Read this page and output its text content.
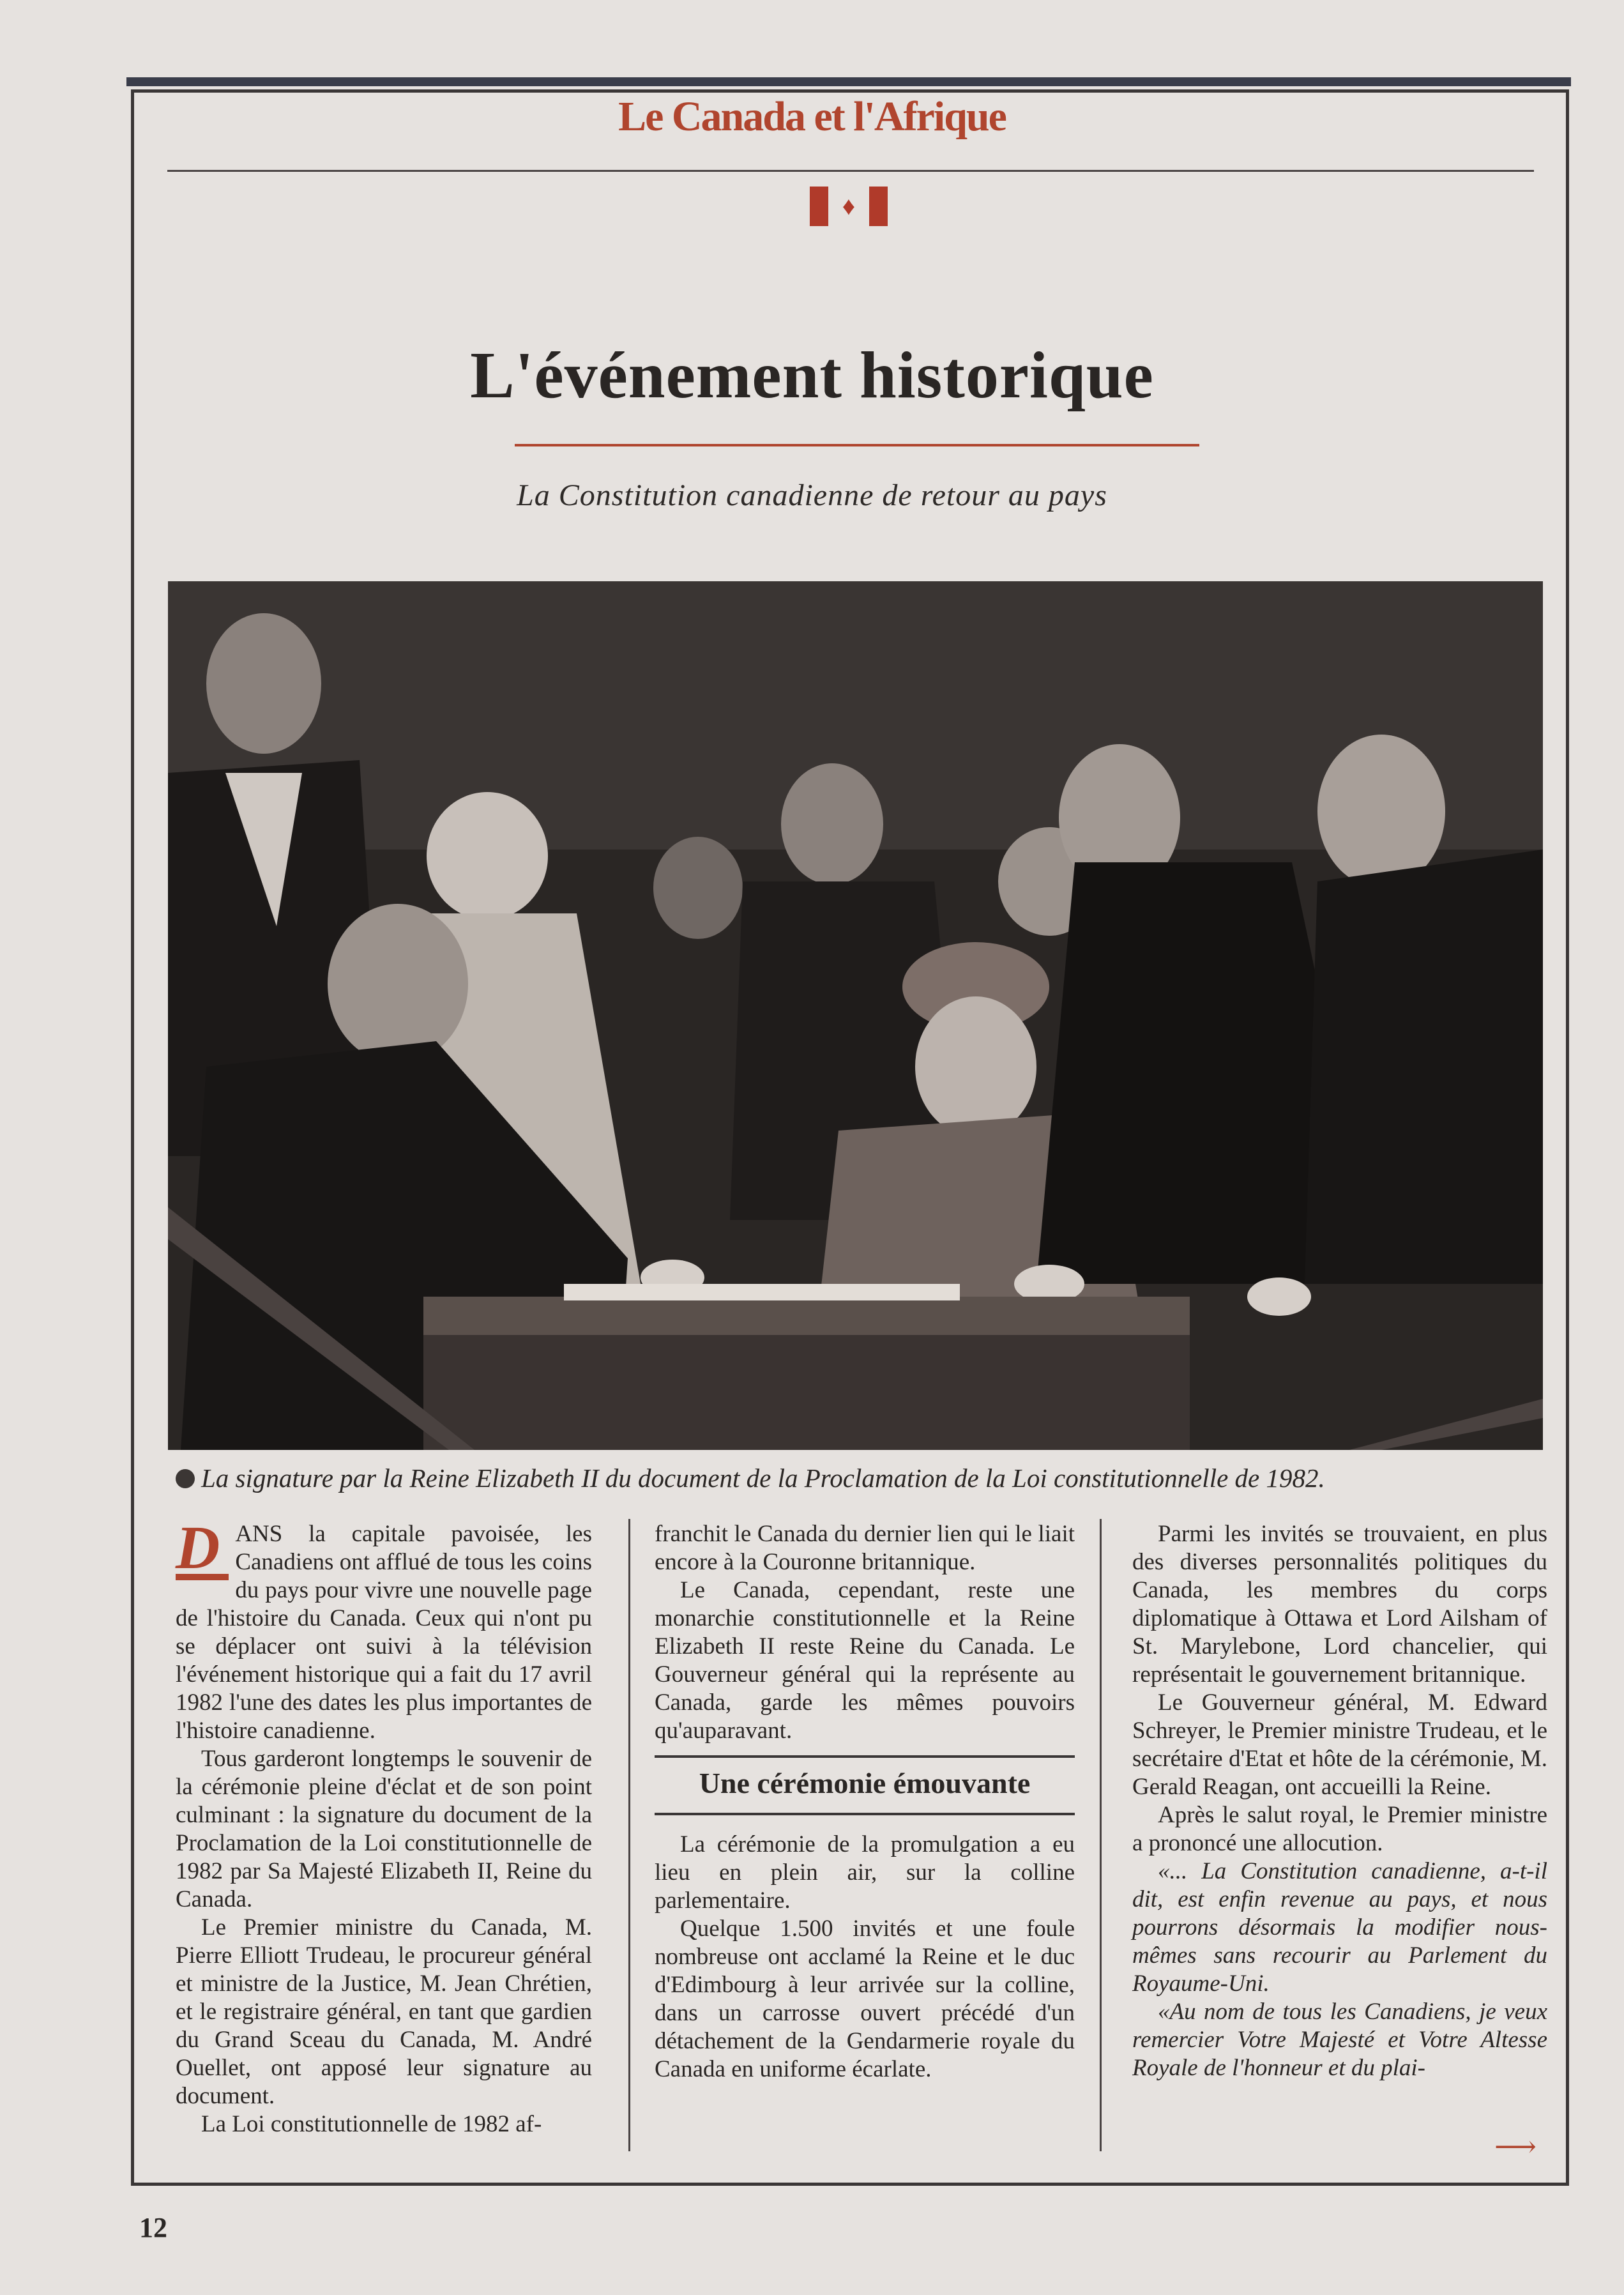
Le Canada et l'Afrique
♦
L'événement historique
La Constitution canadienne de retour au pays
La signature par la Reine Elizabeth II du document de la Proclamation de la Loi constitutionnelle de 1982.

D ANS la capitale pavoisée, les Canadiens ont afflué de tous les coins du pays pour vivre une nouvelle page de l'histoire du Canada. Ceux qui n'ont pu se déplacer ont suivi à la télévision l'événement historique qui a fait du 17 avril 1982 l'une des dates les plus importantes de l'histoire canadienne.

Tous garderont longtemps le souvenir de la cérémonie pleine d'éclat et de son point culminant : la signature du document de la Proclamation de la Loi constitutionnelle de 1982 par Sa Majesté Elizabeth II, Reine du Canada.

Le Premier ministre du Canada, M. Pierre Elliott Trudeau, le procureur général et ministre de la Justice, M. Jean Chrétien, et le registraire général, en tant que gardien du Grand Sceau du Canada, M. André Ouellet, ont apposé leur signature au document.

La Loi constitutionnelle de 1982 af-

franchit le Canada du dernier lien qui le liait encore à la Couronne britannique.

Le Canada, cependant, reste une monarchie constitutionnelle et la Reine Elizabeth II reste Reine du Canada. Le Gouverneur général qui la représente au Canada, garde les mêmes pouvoirs qu'auparavant.

Une cérémonie émouvante

La cérémonie de la promulgation a eu lieu en plein air, sur la colline parlementaire.

Quelque 1.500 invités et une foule nombreuse ont acclamé la Reine et le duc d'Edimbourg à leur arrivée sur la colline, dans un carrosse ouvert précédé d'un détachement de la Gendarmerie royale du Canada en uniforme écarlate.

Parmi les invités se trouvaient, en plus des diverses personnalités politiques du Canada, les membres du corps diplomatique à Ottawa et Lord Ailsham of St. Marylebone, Lord chancelier, qui représentait le gouvernement britannique.

Le Gouverneur général, M. Edward Schreyer, le Premier ministre Trudeau, et le secrétaire d'Etat et hôte de la cérémonie, M. Gerald Reagan, ont accueilli la Reine.

Après le salut royal, le Premier ministre a prononcé une allocution.

«... La Constitution canadienne, a-t-il dit, est enfin revenue au pays, et nous pourrons désormais la modifier nous-mêmes sans recourir au Parlement du Royaume-Uni.

«Au nom de tous les Canadiens, je veux remercier Votre Majesté et Votre Altesse Royale de l'honneur et du plai-

⟶
12
